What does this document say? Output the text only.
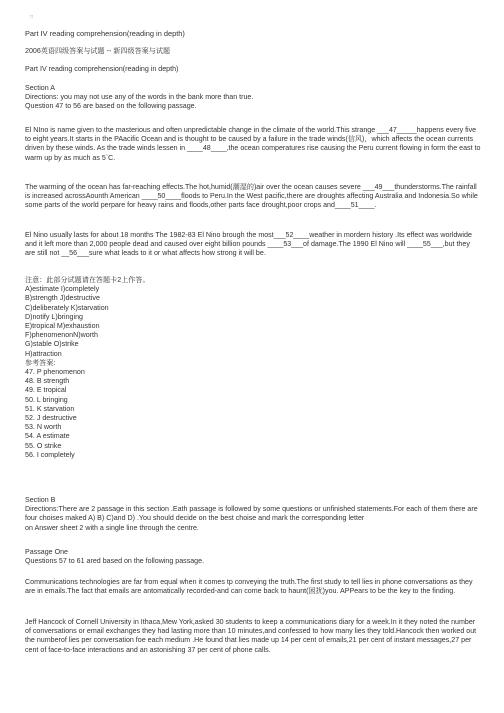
□

Part IV reading comprehension(reading in depth)

2006英语四级答案与试题 -- 新四级答案与试题

Part IV reading comprehension(reading in depth)

Section A

Directions: you may not use any of the words in the bank more than true.

Question 47 to 56 are based on the following passage.

El NIno is name given to the masterious and often unpredictable change in the climate of the world.This strange ___47_____happens every five to eight years.It starts in the PAacific Ocean and is thought to be caused by a failure in the trade winds(信风)，which affects the ocean currents driven by these winds. As the trade winds lessen in ____48____,the ocean comperatures rise causing the Peru current flowing in form the east to warm up by as much as 5`C.

The warming of the ocean has far-reaching effects.The hot,humid(潮湿的)air over the ocean causes severe ___49___thunderstorms.The rainfall is increased acrossAounth American ____50____floods to Peru.In the West pacific,there are droughts affecting Australia and Indonesia.So while some parts of the world perpare for heavy rains and floods,other parts face drought,poor crops and____51____.

El Nino usually lasts for about 18 months The 1982-83 El Nino brough the most___52____weather in mordern history .Its effect was worldwide and it left more than 2,000 people dead and caused over eight billion pounds ____53___of damage.The 1990 El Nino will ____55___,but they are still not __56___sure what leads to it or what affects how strong it will be.

注意：此部分试题请在答题卡2上作答。

A)estimate I)completely

B)strength J)destructive

C)deliberately K)starvation

D)notify L)bringing

E)tropical M)exhaustion

F)phenomenonN)worth

G)stable O)strike

H)attraction

参考答案:

47. P phenomenon

48. B strength

49. E tropical

50. L bringing

51. K starvation

52. J destructive

53. N worth

54. A estimate

55. O strike

56. I completely

Section B

Directions:There are 2 passage in this section .Eath passage is followed by some questions or unfinished statements.For each of them there are four choises maked A) B) C)and D) .You should decide on the best choise and mark the corresponding letter

on Answer sheet 2 with a single line through the centre.

Passage One

Questions 57 to 61 ared based on the following passage.

Communications technologies are far from equal when it comes tp conveying the truth.The first study to tell lies in phone conversations as they are in emails.The fact that emails are antomatically recorded-and can come back to haunt(困扰)you. APPears to be the key to the finding.

Jeff Hancock of Cornell University in Ithaca,Mew York,asked 30 students to keep a communications diary for a week.In it they noted the number of conversations or email exchanges they had lasting more than 10 minutes,and confessed to how many lies they told.Hancock then worked out the numberof lies per conversation foe each medium .He found that lies made up 14 per cent of emails,21 per cent of instant messages,27 per cent of face-to-face interactions and an astonishing 37 per cent of phone calls.
